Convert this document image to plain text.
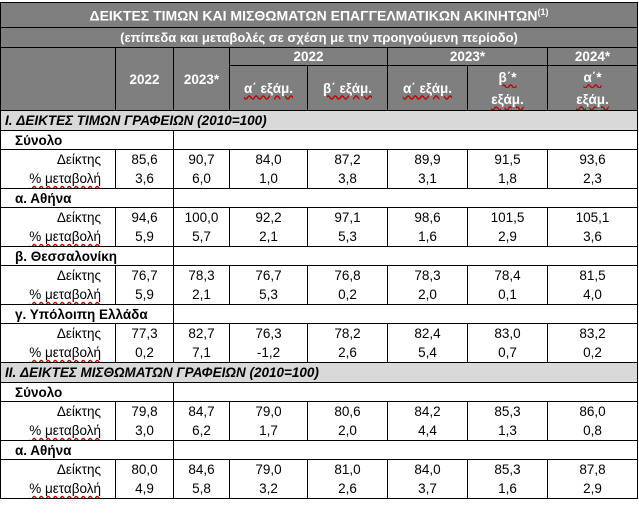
ΔΕΙΚΤΕΣ ΤΙΜΩΝ ΚΑΙ ΜΙΣΘΩΜΑΤΩΝ ΕΠΑΓΓΕΛΜΑΤΙΚΩΝ ΑΚΙΝΗΤΩΝ$^{(1)}$
(επίπεδα και μεταβολές σε σχέση με την προηγούμενη περίοδο)							
	2022	2023*	2022		2023*		2024*
			α΄ εξάμ.	β΄ εξάμ.	α΄ εξάμ.	β΄*	α΄*
						εξάμ.	εξάμ.
I. ΔΕΙΚΤΕΣ ΤΙΜΩΝ ΓΡΑΦΕΙΩΝ (2010=100)							
Σύνολο							
Δείκτης	85,6	90,7	84,0	87,2	89,9	91,5	93,6
% μεταβολή	3,6	6,0	1,0	3,8	3,1	1,8	2,3
α. Αθήνα							
Δείκτης	94,6	100,0	92,2	97,1	98,6	101,5	105,1
% μεταβολή	5,9	5,7	2,1	5,3	1,6	2,9	3,6
β. Θεσσαλονίκη							
Δείκτης	76,7	78,3	76,7	76,8	78,3	78,4	81,5
% μεταβολή	5,9	2,1	5,3	0,2	2,0	0,1	4,0
γ. Υπόλοιπη Ελλάδα							
Δείκτης	77,3	82,7	76,3	78,2	82,4	83,0	83,2
% μεταβολή	0,2	7,1	-1,2	2,6	5,4	0,7	0,2
II. ΔΕΙΚΤΕΣ ΜΙΣΘΩΜΑΤΩΝ ΓΡΑΦΕΙΩΝ (2010=100)							
Σύνολο							
Δείκτης	79,8	84,7	79,0	80,6	84,2	85,3	86,0
% μεταβολή	3,0	6,2	1,7	2,0	4,4	1,3	0,8
α. Αθήνα							
Δείκτης	80,0	84,6	79,0	81,0	84,0	85,3	87,8
% μεταβολή	4,9	5,8	3,2	2,6	3,7	1,6	2,9
